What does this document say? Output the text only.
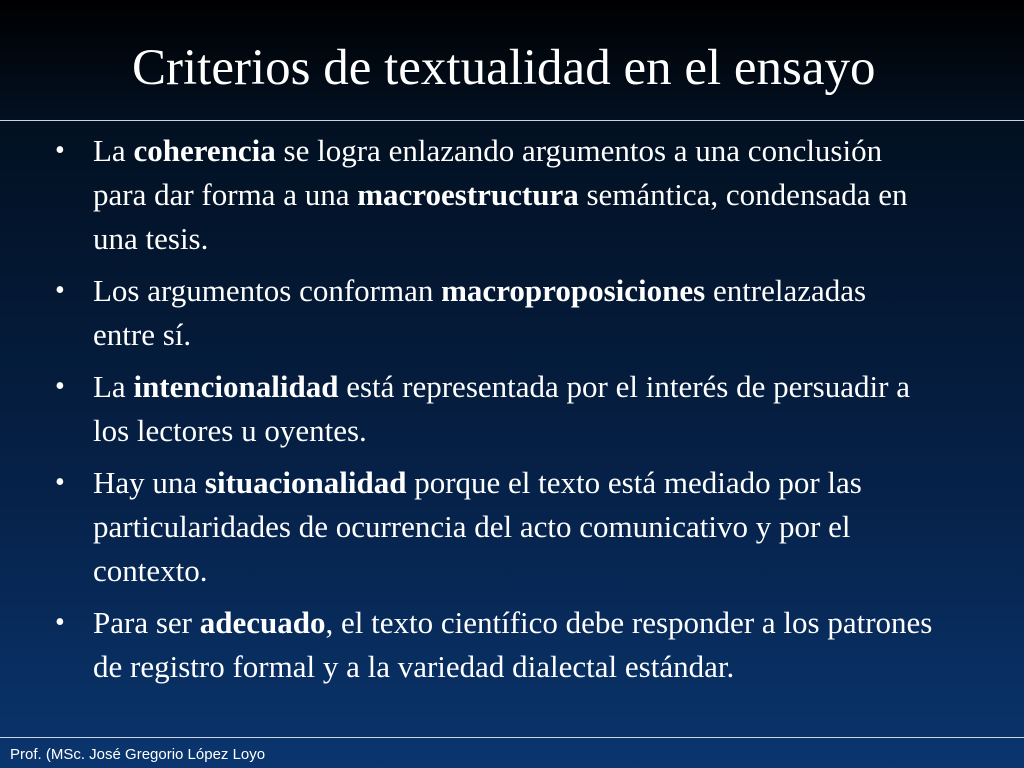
Criterios de textualidad en el ensayo
• La coherencia se logra enlazando argumentos a una conclusión para dar forma a una macroestructura semántica, condensada en una tesis.
• Los argumentos conforman macroproposiciones entrelazadas entre sí.
• La intencionalidad está representada por el interés de persuadir a los lectores u oyentes.
• Hay una situacionalidad porque el texto está mediado por las particularidades de ocurrencia del acto comunicativo y por el contexto.
• Para ser adecuado, el texto científico debe responder a los patrones de registro formal y a la variedad dialectal estándar.
Prof. (MSc. José Gregorio López Loyo
